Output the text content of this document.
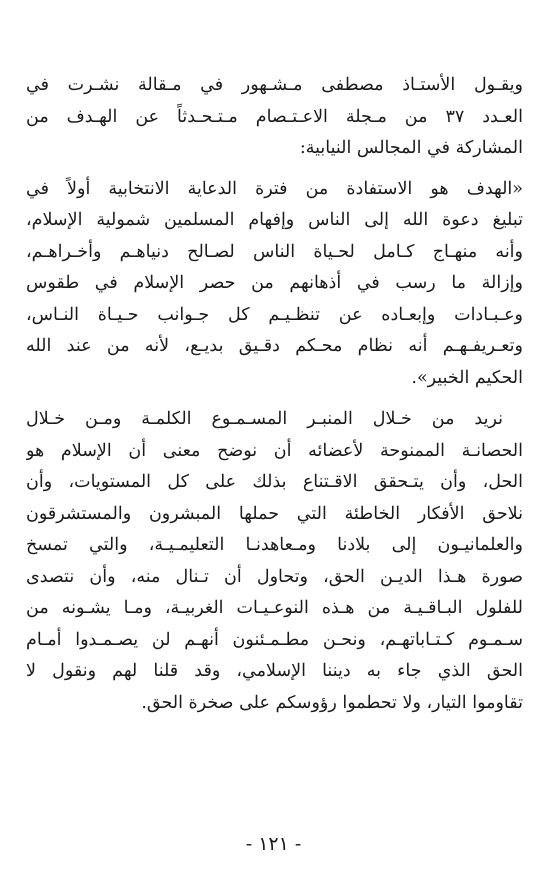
ويقـول الأستـاذ مصطفى مـشـهور في مـقالة نشـرت في
العـدد ٣٧ من مـجلة الاعـتـصام مـتـحـدثاً عن الهـدف من
المشاركة في المجالس النيابية:

«الهدف هو الاستفادة من فترة الدعاية الانتخابية أولاً في
تبليغ دعوة الله إلى الناس وإفهام المسلمين شمولية الإسلام،
وأنه منهـاج كـامل لحـياة الناس لصـالح دنياهـم وأخـراهـم،
وإزالة ما رسب في أذهانهم من حصر الإسلام في طقوس
وعـبـادات وإبعـاده عن تنظـيـم كل جـوانب حـيـاة النـاس،
وتعـريفـهـم أنه نظام محـكم دقـيق بديـع، لأنه من عند الله
الحكيم الخبير».

نريد من خـلال المنبـر المسـمـوع الكلمـة ومـن خـلال
الحصانـة الممنوحة لأعضائه أن نوضح معنى أن الإسلام هو
الحل، وأن يتـحقق الاقـتناع بذلك على كل المستويات، وأن
نلاحق الأفكار الخاطئة التي حملها المبشرون والمستشرقون
والعلمانيـون إلى بلادنا ومـعاهدنـا التعليمـيـة، والتي تمسخ
صورة هـذا الديـن الحق، وتحاول أن تـنال منه، وأن نتصدى
للفلول البـاقـيـة من هـذه النوعـيـات الغربيـة، ومـا يشـونه من
سـمـوم كـتـاباتهـم، ونحـن مطـمـئنون أنهـم لن يصـمـدوا أمـام
الحق الذي جاء به ديننا الإسلامي، وقد قلنا لهم ونقول لا
تقاوموا التيار، ولا تحطموا رؤوسكم على صخرة الحق.

- ١٢١ -
